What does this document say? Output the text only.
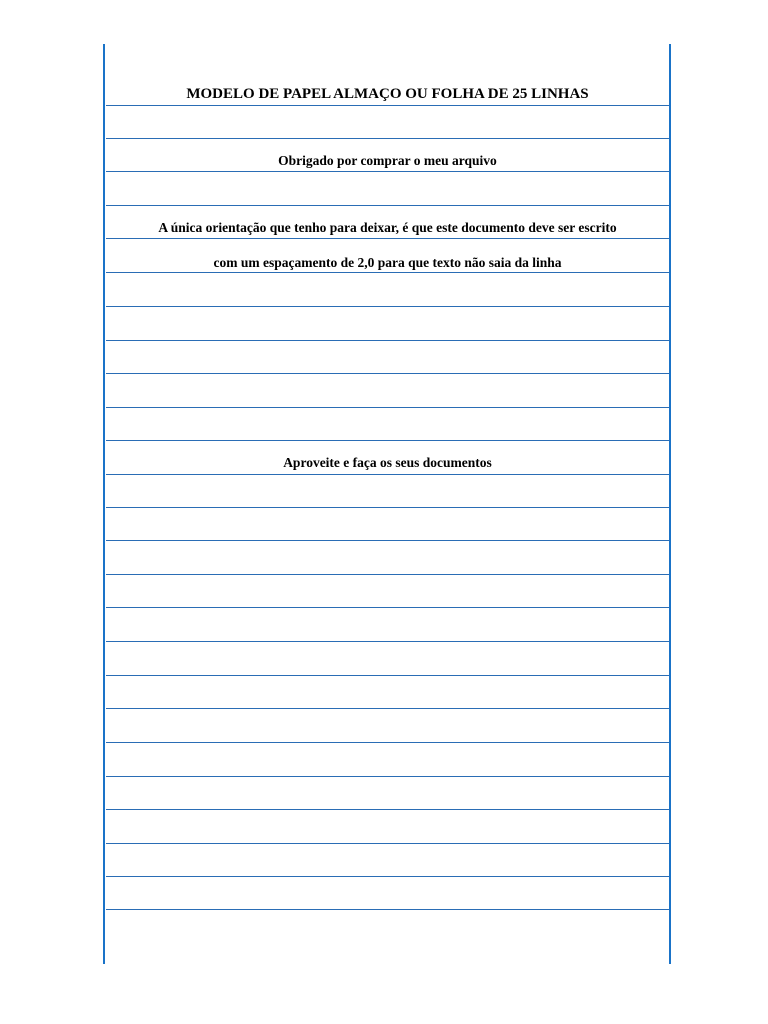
MODELO DE PAPEL ALMAÇO OU FOLHA DE 25 LINHAS
Obrigado por comprar o meu arquivo
A única orientação que tenho para deixar, é que este documento deve ser escrito
com um espaçamento de 2,0 para que texto não saia da linha
Aproveite e faça os seus documentos
